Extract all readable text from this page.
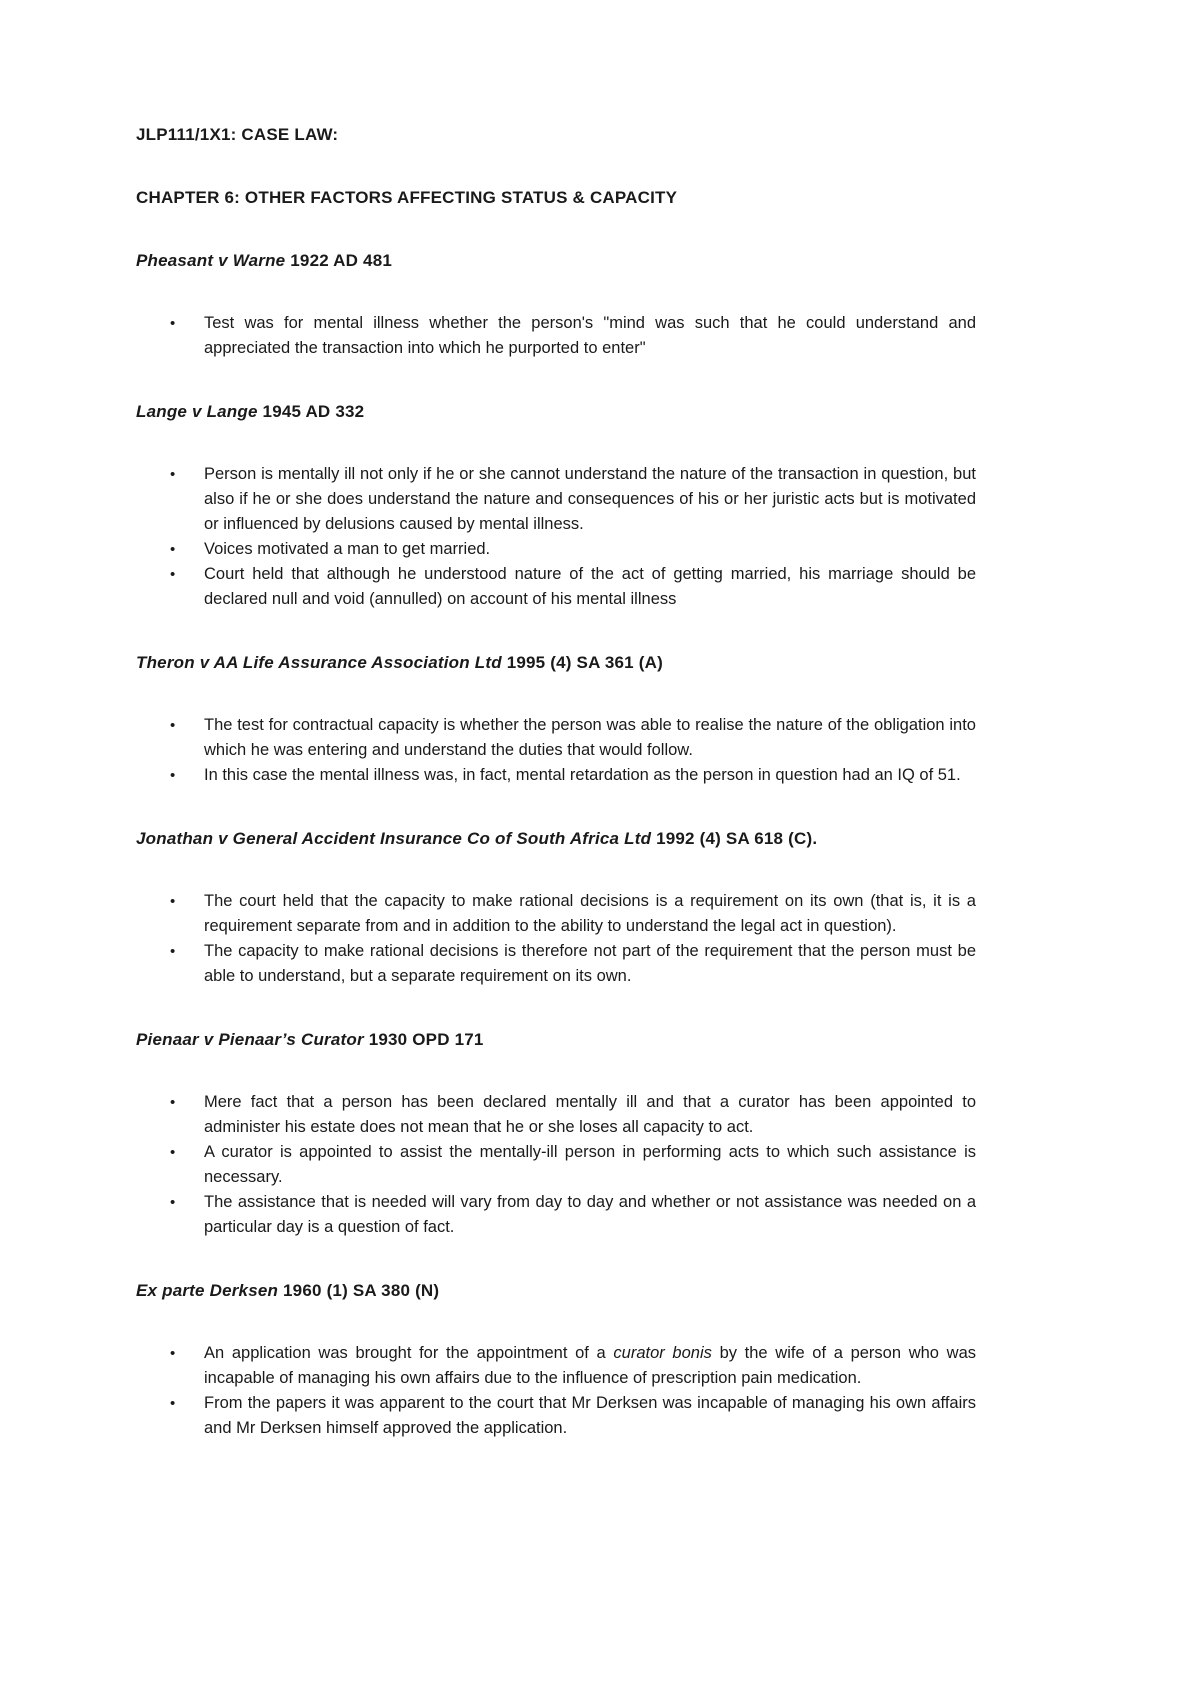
JLP111/1X1: CASE LAW:
CHAPTER 6: OTHER FACTORS AFFECTING STATUS & CAPACITY
Pheasant v Warne 1922 AD 481
• Test was for mental illness whether the person's "mind was such that he could understand and appreciated the transaction into which he purported to enter"
Lange v Lange 1945 AD 332
• Person is mentally ill not only if he or she cannot understand the nature of the transaction in question, but also if he or she does understand the nature and consequences of his or her juristic acts but is motivated or influenced by delusions caused by mental illness.
• Voices motivated a man to get married.
• Court held that although he understood nature of the act of getting married, his marriage should be declared null and void (annulled) on account of his mental illness
Theron v AA Life Assurance Association Ltd 1995 (4) SA 361 (A)
• The test for contractual capacity is whether the person was able to realise the nature of the obligation into which he was entering and understand the duties that would follow.
• In this case the mental illness was, in fact, mental retardation as the person in question had an IQ of 51.
Jonathan v General Accident Insurance Co of South Africa Ltd 1992 (4) SA 618 (C).
• The court held that the capacity to make rational decisions is a requirement on its own (that is, it is a requirement separate from and in addition to the ability to understand the legal act in question).
• The capacity to make rational decisions is therefore not part of the requirement that the person must be able to understand, but a separate requirement on its own.
Pienaar v Pienaar’s Curator 1930 OPD 171
• Mere fact that a person has been declared mentally ill and that a curator has been appointed to administer his estate does not mean that he or she loses all capacity to act.
• A curator is appointed to assist the mentally-ill person in performing acts to which such assistance is necessary.
• The assistance that is needed will vary from day to day and whether or not assistance was needed on a particular day is a question of fact.
Ex parte Derksen 1960 (1) SA 380 (N)
• An application was brought for the appointment of a curator bonis by the wife of a person who was incapable of managing his own affairs due to the influence of prescription pain medication.
• From the papers it was apparent to the court that Mr Derksen was incapable of managing his own affairs and Mr Derksen himself approved the application.
